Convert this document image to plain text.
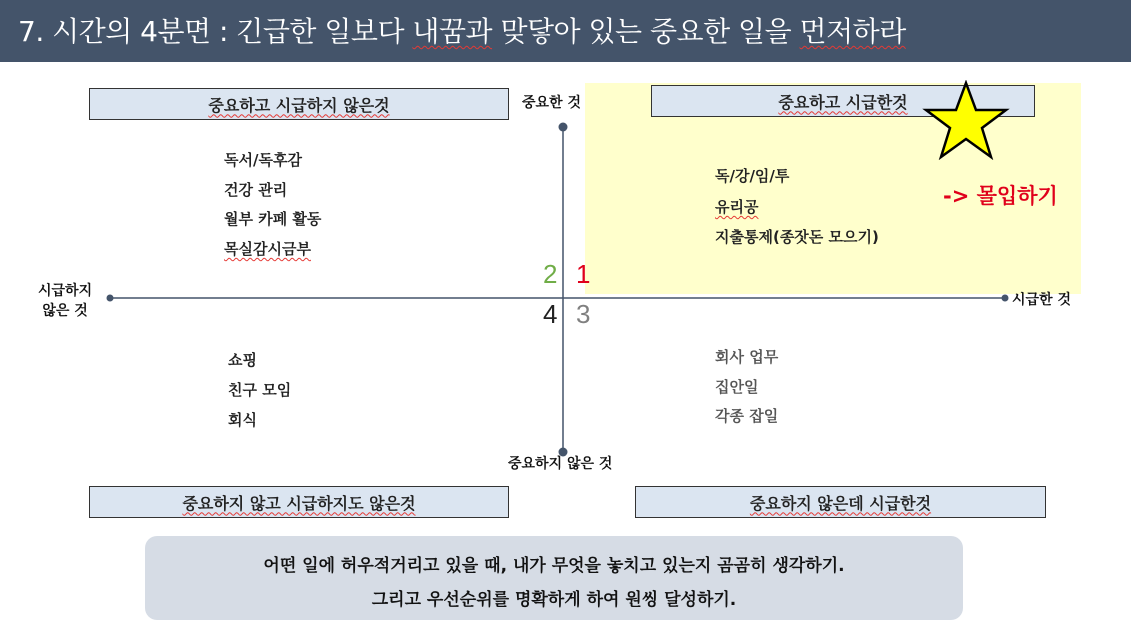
7. 시간의 4분면 : 긴급한 일보다 내꿈과 맞닿아 있는 중요한 일을 먼저하라
중요하고 시급하지 않은것	중요하고 시급한것
중요하지 않고 시급하지도 않은것	중요하지 않은데 시급한것
중요한 것
중요하지 않은 것
시급하지
않은 것
시급한 것
2 1
4 3
독서/독후감
건강 관리
월부 카페 활동
목실감시금부
독/강/임/투
유리공
지출통제(종잣돈 모으기)
-> 몰입하기
쇼핑
친구 모임
회식
회사 업무
집안일
각종 잡일
어떤 일에 허우적거리고 있을 때, 내가 무엇을 놓치고 있는지 곰곰히 생각하기.
그리고 우선순위를 명확하게 하여 원씽 달성하기.
